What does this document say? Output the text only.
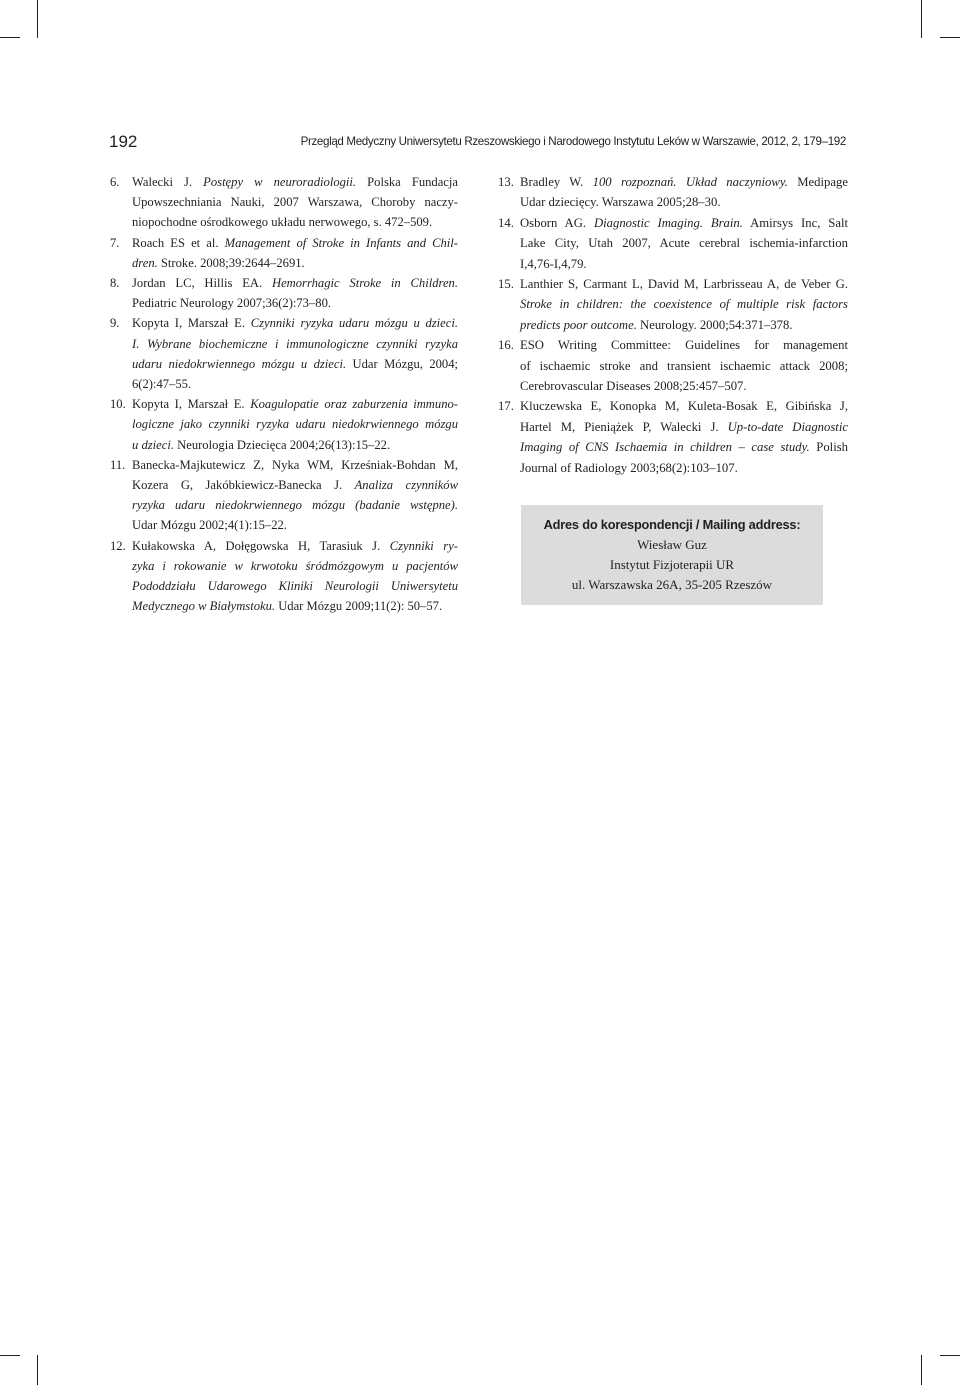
192	Przegląd Medyczny Uniwersytetu Rzeszowskiego i Narodowego Instytutu Leków w Warszawie, 2012, 2, 179–192
6. Walecki J. Postępy w neuroradiologii. Polska Fundacja
Upowszechniania Nauki, 2007 Warszawa, Choroby naczy-
niopochodne ośrodkowego układu nerwowego, s. 472–509.
7. Roach ES et al. Management of Stroke in Infants and Chil-
dren. Stroke. 2008;39:2644–2691.
8. Jordan LC, Hillis EA. Hemorrhagic Stroke in Children.
Pediatric Neurology 2007;36(2):73–80.
9. Kopyta I, Marszał E. Czynniki ryzyka udaru mózgu u dzieci.
I. Wybrane biochemiczne i immunologiczne czynniki ryzyka
udaru niedokrwiennego mózgu u dzieci. Udar Mózgu, 2004;
6(2):47–55.
10. Kopyta I, Marszał E. Koagulopatie oraz zaburzenia immuno-
logiczne jako czynniki ryzyka udaru niedokrwiennego mózgu
u dzieci. Neurologia Dziecięca 2004;26(13):15–22.
11. Banecka-Majkutewicz Z, Nyka WM, Krześniak-Bohdan M,
Kozera G, Jakóbkiewicz-Banecka J. Analiza czynników
ryzyka udaru niedokrwiennego mózgu (badanie wstępne).
Udar Mózgu 2002;4(1):15–22.
12. Kułakowska A, Dołęgowska H, Tarasiuk J. Czynniki ry-
zyka i rokowanie w krwotoku śródmózgowym u pacjentów
Pododdziału Udarowego Kliniki Neurologii Uniwersytetu
Medycznego w Białymstoku. Udar Mózgu 2009;11(2): 50–57.
13. Bradley W. 100 rozpoznań. Układ naczyniowy. Medipage
Udar dziecięcy. Warszawa 2005;28–30.
14. Osborn AG. Diagnostic Imaging. Brain. Amirsys Inc, Salt
Lake City, Utah 2007, Acute cerebral ischemia-infarction
I,4,76-I,4,79.
15. Lanthier S, Carmant L, David M, Larbrisseau A, de Veber G.
Stroke in children: the coexistence of multiple risk factors
predicts poor outcome. Neurology. 2000;54:371–378.
16. ESO Writing Committee: Guidelines for management
of ischaemic stroke and transient ischaemic attack 2008;
Cerebrovascular Diseases 2008;25:457–507.
17. Kluczewska E, Konopka M, Kuleta-Bosak E, Gibińska J,
Hartel M, Pieniążek P, Walecki J. Up-to-date Diagnostic
Imaging of CNS Ischaemia in children – case study. Polish
Journal of Radiology 2003;68(2):103–107.
Adres do korespondencji / Mailing address:
Wiesław Guz
Instytut Fizjoterapii UR
ul. Warszawska 26A, 35-205 Rzeszów
